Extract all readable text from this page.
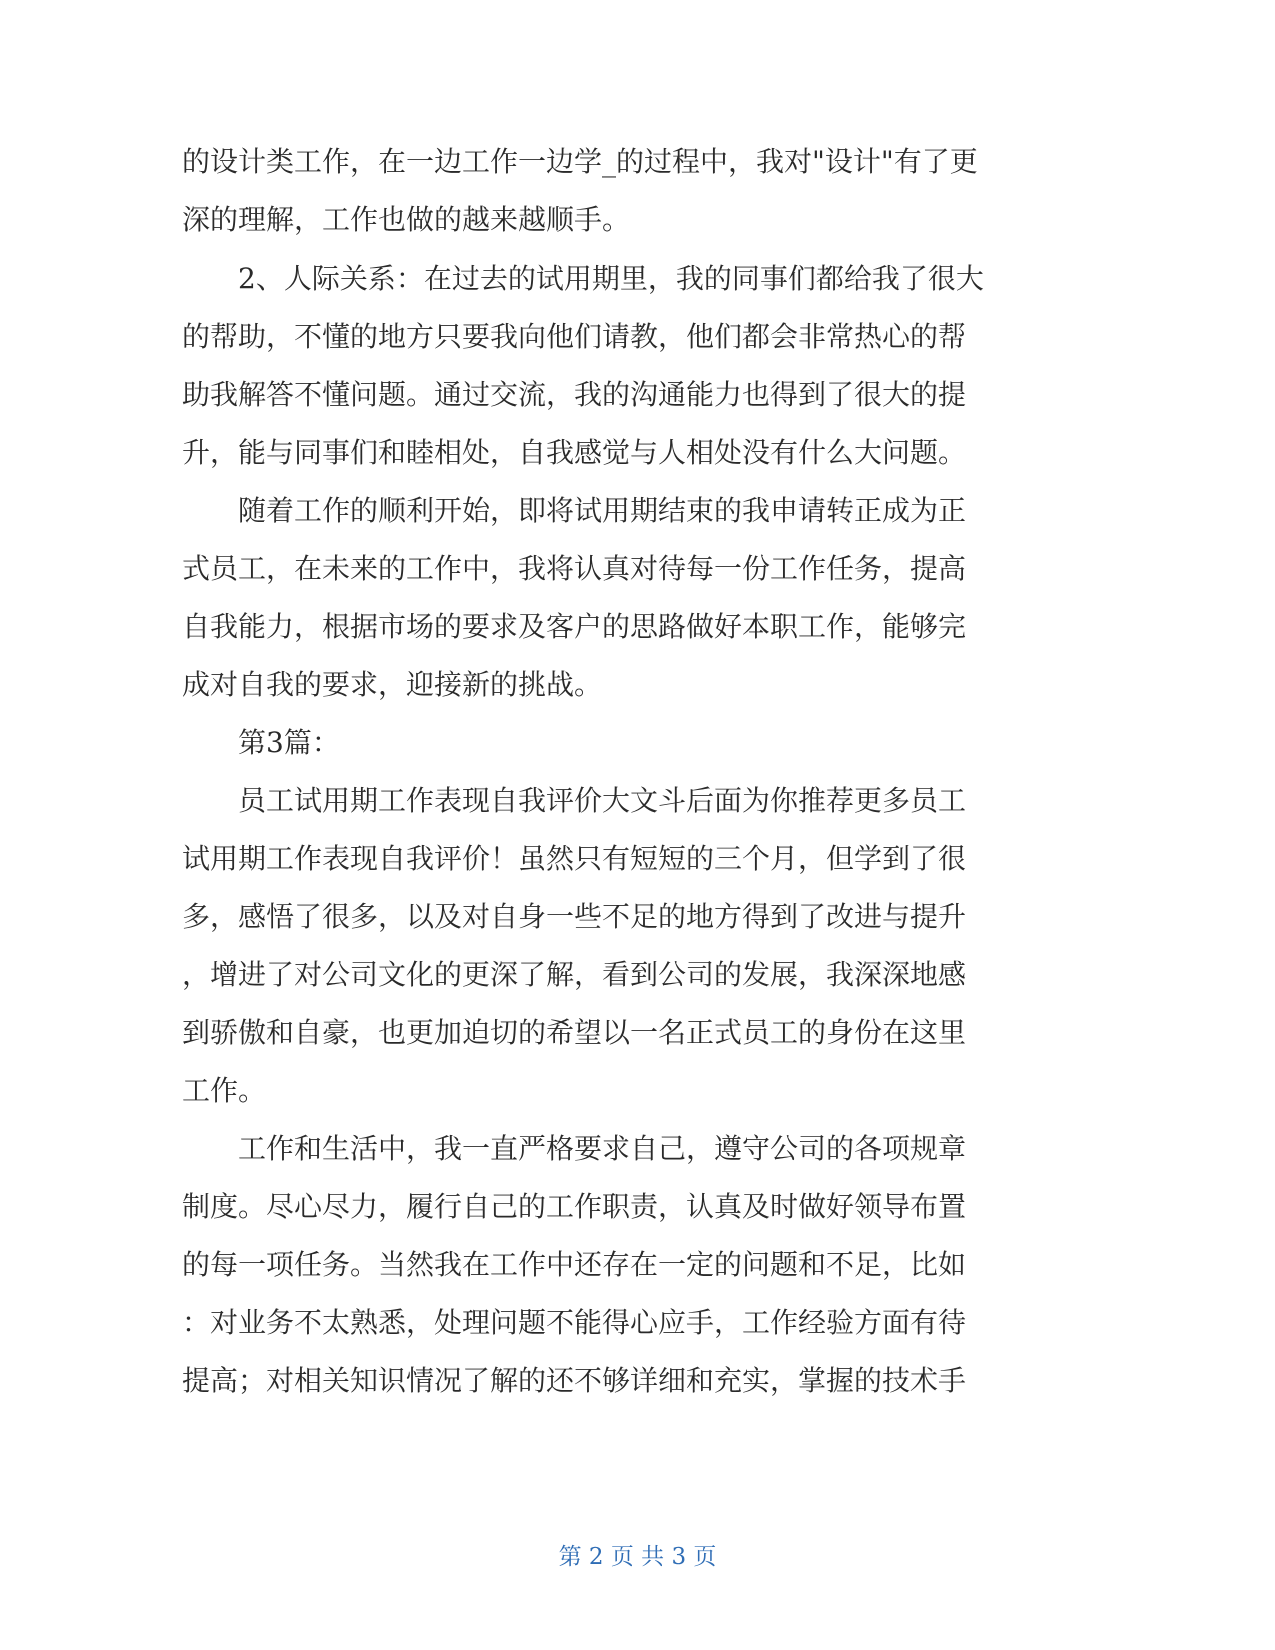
的设计类工作，在一边工作一边学_的过程中，我对"设计"有了更
深的理解，工作也做的越来越顺手。
2、人际关系：在过去的试用期里，我的同事们都给我了很大
的帮助，不懂的地方只要我向他们请教，他们都会非常热心的帮
助我解答不懂问题。通过交流，我的沟通能力也得到了很大的提
升，能与同事们和睦相处，自我感觉与人相处没有什么大问题。
随着工作的顺利开始，即将试用期结束的我申请转正成为正
式员工，在未来的工作中，我将认真对待每一份工作任务，提高
自我能力，根据市场的要求及客户的思路做好本职工作，能够完
成对自我的要求，迎接新的挑战。
第3篇：
员工试用期工作表现自我评价大文斗后面为你推荐更多员工
试用期工作表现自我评价！虽然只有短短的三个月，但学到了很
多，感悟了很多，以及对自身一些不足的地方得到了改进与提升
，增进了对公司文化的更深了解，看到公司的发展，我深深地感
到骄傲和自豪，也更加迫切的希望以一名正式员工的身份在这里
工作。
工作和生活中，我一直严格要求自己，遵守公司的各项规章
制度。尽心尽力，履行自己的工作职责，认真及时做好领导布置
的每一项任务。当然我在工作中还存在一定的问题和不足，比如
：对业务不太熟悉，处理问题不能得心应手，工作经验方面有待
提高；对相关知识情况了解的还不够详细和充实，掌握的技术手
第 2 页 共 3 页
